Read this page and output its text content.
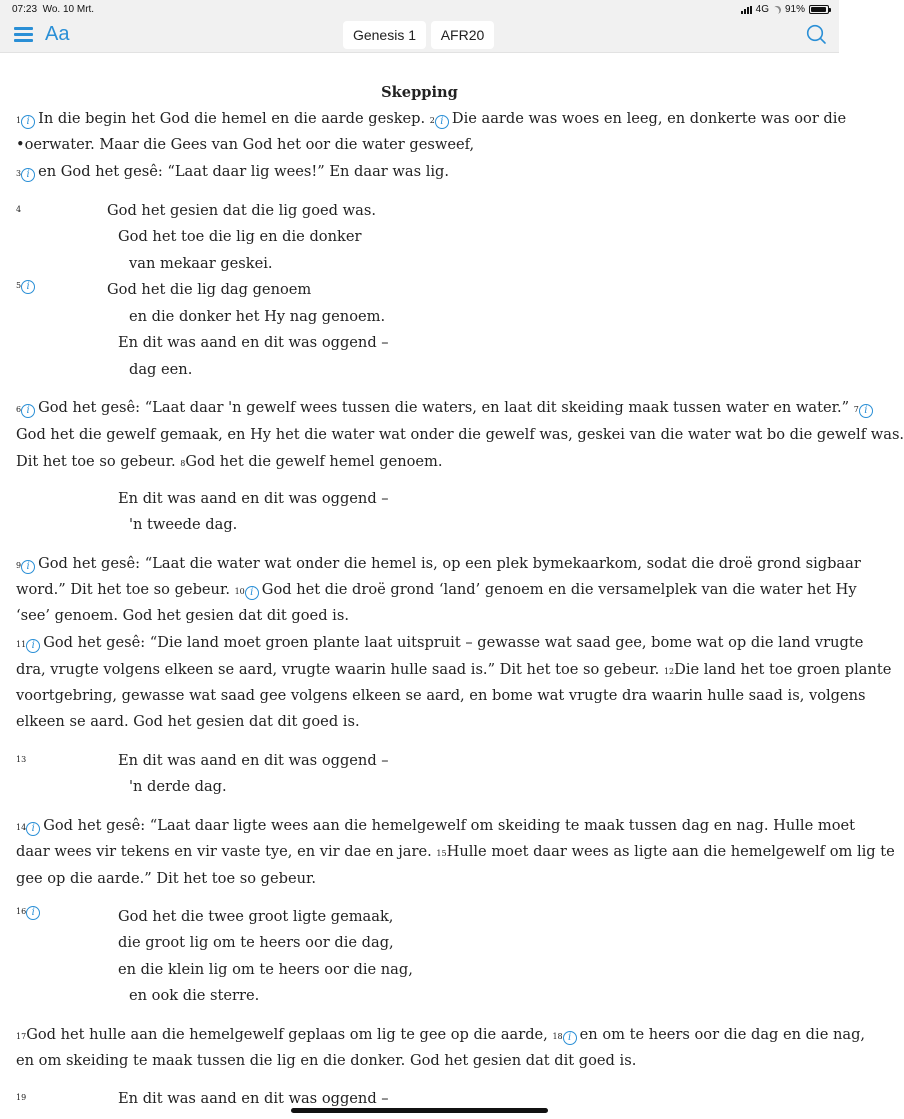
07:23 Wo. 10 Mrt.	4G 91%
Aa	Genesis 1	AFR20
Skepping
1 i In die begin het God die hemel en die aarde geskep. 2 i Die aarde was woes en leeg, en donkerte was oor die
•oerwater. Maar die Gees van God het oor die water gesweef,
3 i en God het gesê: “Laat daar lig wees!” En daar was lig.
4	God het gesien dat die lig goed was.
God het toe die lig en die donker
van mekaar geskei.
5 i	God het die lig dag genoem
en die donker het Hy nag genoem.
En dit was aand en dit was oggend –
dag een.
6 i God het gesê: “Laat daar 'n gewelf wees tussen die waters, en laat dit skeiding maak tussen water en water.” 7 i
God het die gewelf gemaak, en Hy het die water wat onder die gewelf was, geskei van die water wat bo die gewelf was.
Dit het toe so gebeur. 8God het die gewelf hemel genoem.
En dit was aand en dit was oggend –
'n tweede dag.
9 i God het gesê: “Laat die water wat onder die hemel is, op een plek bymekaarkom, sodat die droë grond sigbaar
word.” Dit het toe so gebeur. 10 i God het die droë grond ‘land’ genoem en die versamelplek van die water het Hy
‘see’ genoem. God het gesien dat dit goed is.
11 i God het gesê: “Die land moet groen plante laat uitspruit – gewasse wat saad gee, bome wat op die land vrugte
dra, vrugte volgens elkeen se aard, vrugte waarin hulle saad is.” Dit het toe so gebeur. 12Die land het toe groen plante
voortgebring, gewasse wat saad gee volgens elkeen se aard, en bome wat vrugte dra waarin hulle saad is, volgens
elkeen se aard. God het gesien dat dit goed is.
13	En dit was aand en dit was oggend –
'n derde dag.
14 i God het gesê: “Laat daar ligte wees aan die hemelgewelf om skeiding te maak tussen dag en nag. Hulle moet
daar wees vir tekens en vir vaste tye, en vir dae en jare. 15Hulle moet daar wees as ligte aan die hemelgewelf om lig te
gee op die aarde.” Dit het toe so gebeur.
16 i	God het die twee groot ligte gemaak,
die groot lig om te heers oor die dag,
en die klein lig om te heers oor die nag,
en ook die sterre.
17God het hulle aan die hemelgewelf geplaas om lig te gee op die aarde, 18 i en om te heers oor die dag en die nag,
en om skeiding te maak tussen die lig en die donker. God het gesien dat dit goed is.
19	En dit was aand en dit was oggend –
